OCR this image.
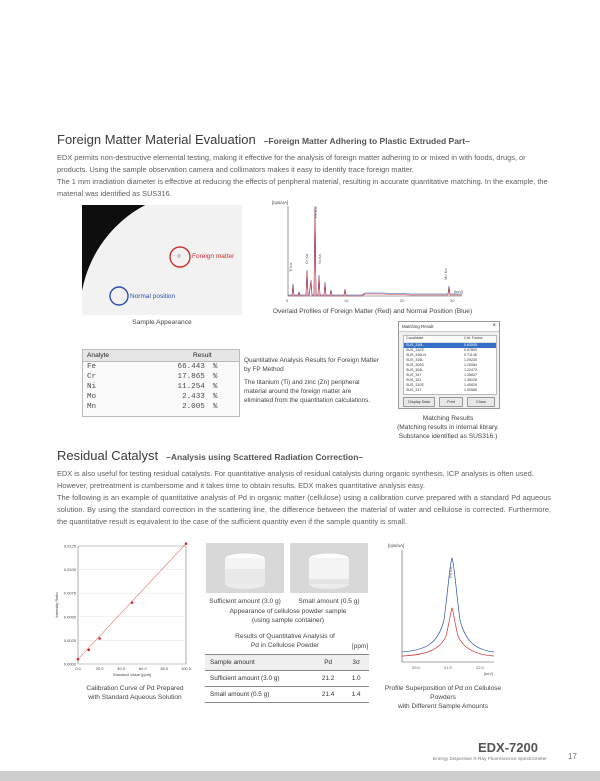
Foreign Matter Material Evaluation –Foreign Matter Adhering to Plastic Extruded Part–
EDX permits non-destructive elemental testing, making it effective for the analysis of foreign matter adhering to or mixed in with foods, drugs, or products. Using the sample observation camera and collimators makes it easy to identify trace foreign matter.
The 1 mm irradiation diameter is effective at reducing the effects of peripheral material, resulting in accurate quantitative matching. In the example, the material was identified as SUS316.
Foreign matter
Normal position
Sample Appearance
[cps/uA]
Ti Ka
Cr Ka
Fe Ka
Ni Ka
Mo Ka
0	10	20	30
[keV]
Overlaid Profiles of Foreign Matter (Red) and Normal Position (Blue)
Analyte	Result
Fe	66.443	%
Cr	17.865	%
Ni	11.254	%
Mo	2.433	%
Mn	2.005	%
Quantitative Analysis Results for Foreign Matter by FP Method
The titanium (Ti) and zinc (Zn) peripheral material around the foreign matter are eliminated from the quantitation calculations.
Matching Result	×
Candidate	Crit. Factor
SUS_316L	0.63005
SUS_316Ti	0.67890
SUS_316LN	0.71145
SUS_316L	1.09230
SUS_309S	1.20084
SUS_304L	1.22472
SUS_347	1.35607
SUS_321	1.39228
SUS_310S	1.40829
SUS_317	1.50566
Display Data	Print	Close
Matching Results
(Matching results in internal library.
Substance identified as SUS316.)
Residual Catalyst –Analysis using Scattered Radiation Correction–
EDX is also useful for testing residual catalysts. For quantitative analysis of residual catalysts during organic synthesis, ICP analysis is often used. However, pretreatment is cumbersome and it takes time to obtain results. EDX makes quantitative analysis easy.
The following is an example of quantitative analysis of Pd in organic matter (cellulose) using a calibration curve prepared with a standard Pd aqueous solution. By using the standard correction in the scattering line, the difference between the material of water and cellulose is corrected. Furthermore, the quantitative result is equivalent to the case of the sufficient quantity even if the sample quantity is small.
0.0000
0.0025
0.0050
0.0075
0.0100
0.0125
0.0	20.0	40.0	60.0	80.0	100.0
Standard Value [ppm]
Intensity Ratio
Calibration Curve of Pd Prepared
with Standard Aqueous Solution
Sufficient amount (3.0 g)	Small amount (0.5 g)
Appearance of cellulose powder sample
(using sample container)
Results of Quantitative Analysis of
Pd in Cellulose Powder	[ppm]
Sample amount	Pd	3σ
Sufficient amount (3.0 g)	21.2	1.0
Small amount (0.5 g)	21.4	1.4
[cps/uA]
Pd Ka
20.0	21.0	22.0
[keV]
Profile Superposition of Pd on Cellulose Powders
with Different Sample Amounts
EDX-7200
Energy Dispersive X-Ray Fluorescence Spectrometer	17
